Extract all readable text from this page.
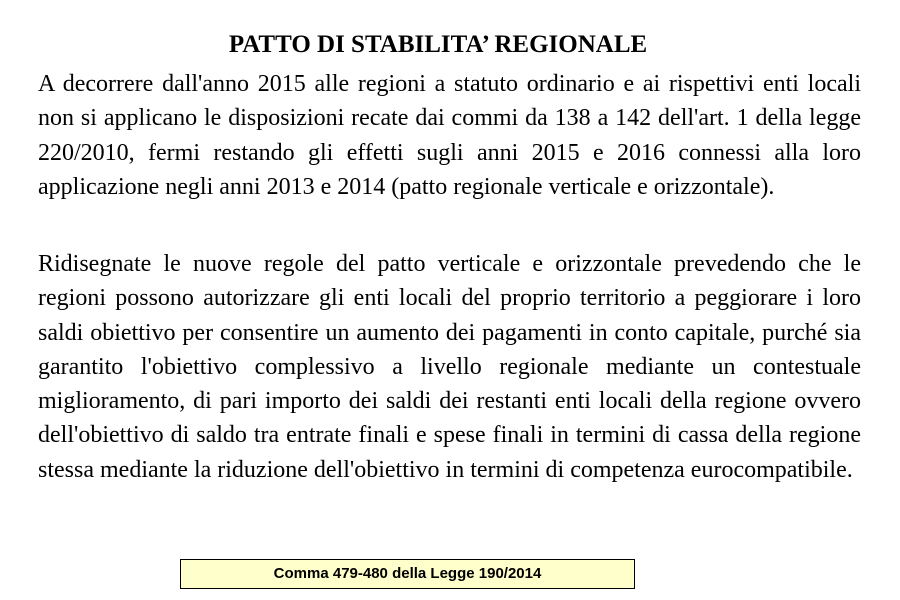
PATTO DI STABILITA’ REGIONALE

A decorrere dall'anno 2015 alle regioni a statuto ordinario e ai rispettivi enti locali non si applicano le disposizioni recate dai commi da 138 a 142 dell'art. 1 della legge 220/2010, fermi restando gli effetti sugli anni 2015 e 2016 connessi alla loro applicazione negli anni 2013 e 2014 (patto regionale verticale e orizzontale).

Ridisegnate le nuove regole del patto verticale e orizzontale prevedendo che le regioni possono autorizzare gli enti locali del proprio territorio a peggiorare i loro saldi obiettivo per consentire un aumento dei pagamenti in conto capitale, purché sia garantito l'obiettivo complessivo a livello regionale mediante un contestuale miglioramento, di pari importo dei saldi dei restanti enti locali della regione ovvero dell'obiettivo di saldo tra entrate finali e spese finali in termini di cassa della regione stessa mediante la riduzione dell'obiettivo in termini di competenza eurocompatibile.

Comma 479-480 della Legge 190/2014
